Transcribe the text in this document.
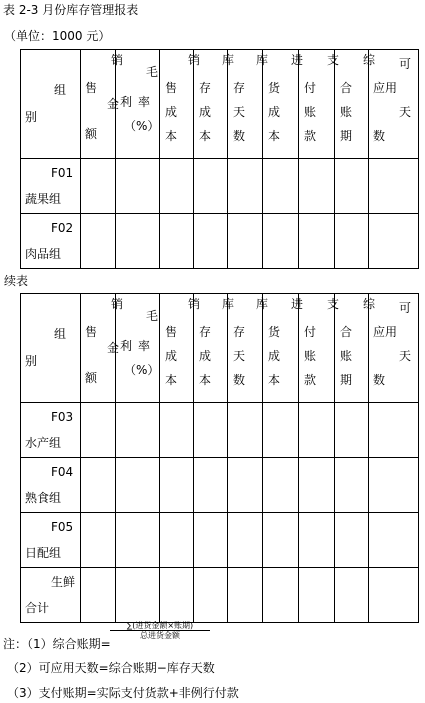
表 2-3 月份库存管理报表
（单位：1000 元）
组
别	销
售
金
额	毛
利 率
（%）	销
售
成
本	库
存
成
本	库
存
天
数	进
货
成
本	支
付
账
款	综
合
账
期	可
应用
天
数

F01
蔬果组									

F02
肉品组									

续表
组
别	销
售
金
额	毛
利 率
（%）	销
售
成
本	库
存
成
本	库
存
天
数	进
货
成
本	支
付
账
款	综
合
账
期	可
应用
天
数

F03
水产组									

F04
熟食组									

F05
日配组									

生鲜
合计									

注：（1）综合账期=
∑(进货金额×账期)
总进货金额
（2）可应用天数=综合账期−库存天数
（3）支付账期=实际支付货款+非例行付款
